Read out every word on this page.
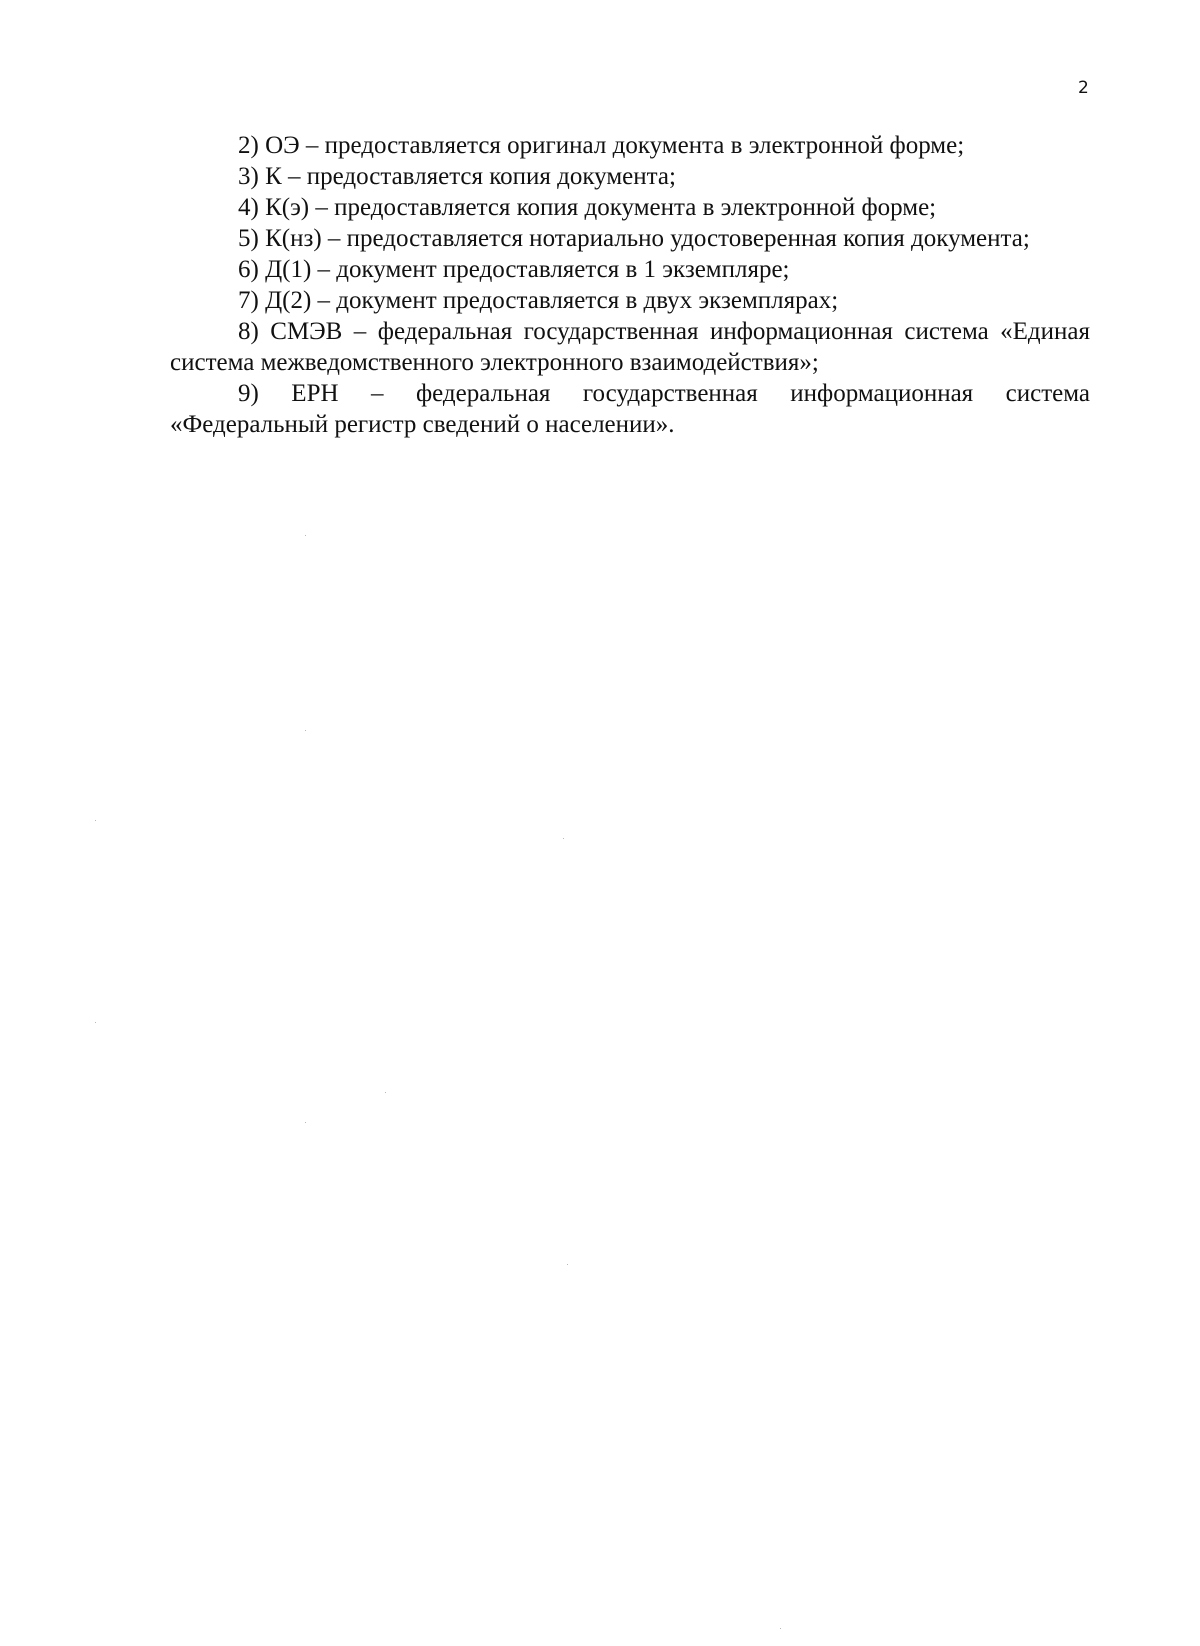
2

2) ОЭ – предоставляется оригинал документа в электронной форме;

3) К – предоставляется копия документа;

4) К(э) – предоставляется копия документа в электронной форме;

5) К(нз) – предоставляется нотариально удостоверенная копия документа;

6) Д(1) – документ предоставляется в 1 экземпляре;

7) Д(2) – документ предоставляется в двух экземплярах;

8) СМЭВ – федеральная государственная информационная система «Единая система межведомственного электронного взаимодействия»;

9) ЕРН – федеральная государственная информационная система «Федеральный регистр сведений о населении».
